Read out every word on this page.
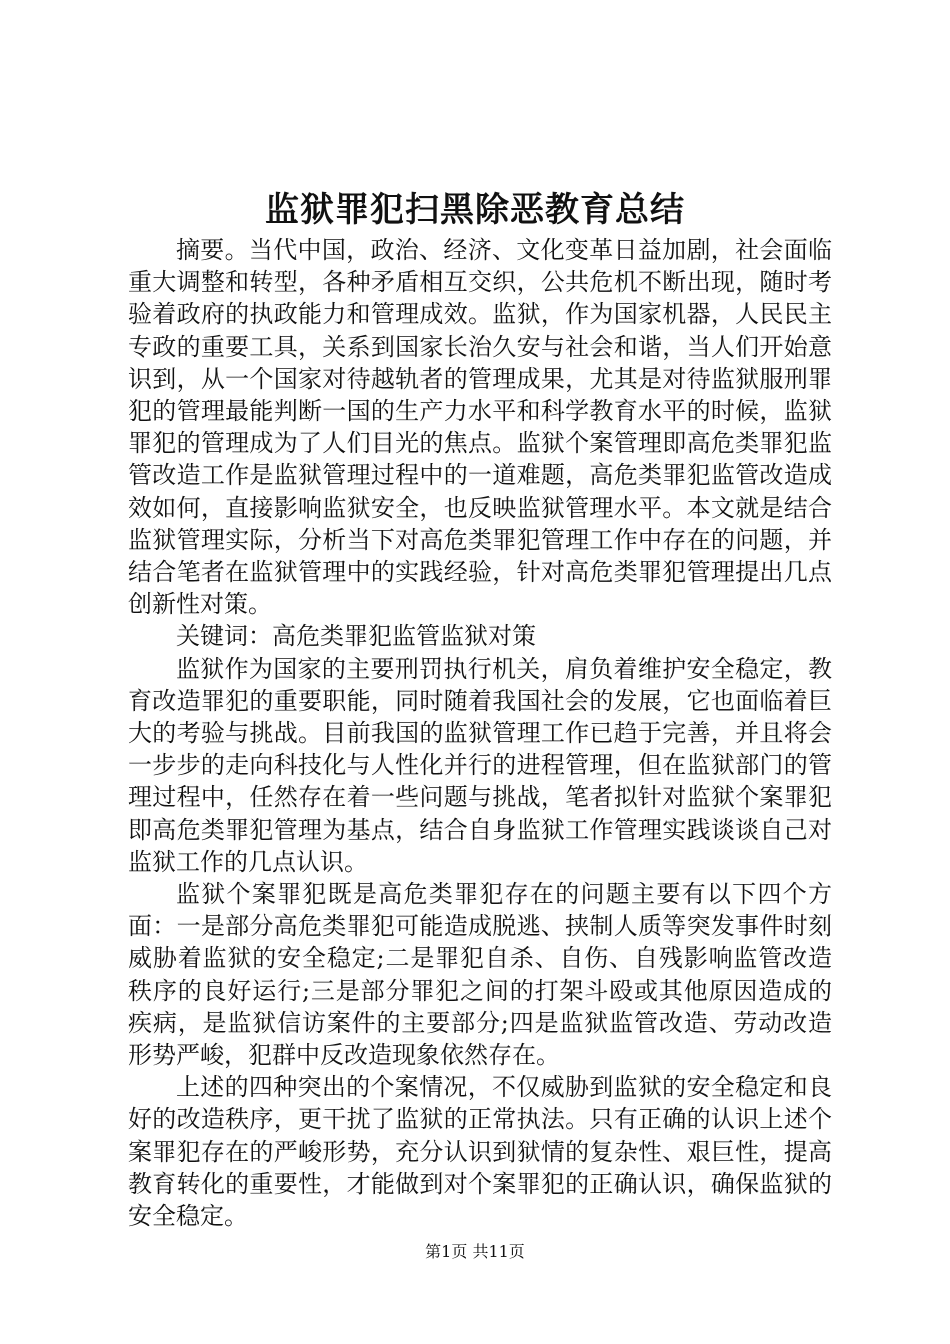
监狱罪犯扫黑除恶教育总结

摘要。当代中国，政治、经济、文化变革日益加剧，社会面临重大调整和转型，各种矛盾相互交织，公共危机不断出现，随时考验着政府的执政能力和管理成效。监狱，作为国家机器，人民民主专政的重要工具，关系到国家长治久安与社会和谐，当人们开始意识到，从一个国家对待越轨者的管理成果，尤其是对待监狱服刑罪犯的管理最能判断一国的生产力水平和科学教育水平的时候，监狱罪犯的管理成为了人们目光的焦点。监狱个案管理即高危类罪犯监管改造工作是监狱管理过程中的一道难题，高危类罪犯监管改造成效如何，直接影响监狱安全，也反映监狱管理水平。本文就是结合监狱管理实际，分析当下对高危类罪犯管理工作中存在的问题，并结合笔者在监狱管理中的实践经验，针对高危类罪犯管理提出几点创新性对策。

关键词：高危类罪犯监管监狱对策

监狱作为国家的主要刑罚执行机关，肩负着维护安全稳定，教育改造罪犯的重要职能，同时随着我国社会的发展，它也面临着巨大的考验与挑战。目前我国的监狱管理工作已趋于完善，并且将会一步步的走向科技化与人性化并行的进程管理，但在监狱部门的管理过程中，任然存在着一些问题与挑战，笔者拟针对监狱个案罪犯即高危类罪犯管理为基点，结合自身监狱工作管理实践谈谈自己对监狱工作的几点认识。

监狱个案罪犯既是高危类罪犯存在的问题主要有以下四个方面：一是部分高危类罪犯可能造成脱逃、挟制人质等突发事件时刻威胁着监狱的安全稳定;二是罪犯自杀、自伤、自残影响监管改造秩序的良好运行;三是部分罪犯之间的打架斗殴或其他原因造成的疾病，是监狱信访案件的主要部分;四是监狱监管改造、劳动改造形势严峻，犯群中反改造现象依然存在。

上述的四种突出的个案情况，不仅威胁到监狱的安全稳定和良好的改造秩序，更干扰了监狱的正常执法。只有正确的认识上述个案罪犯存在的严峻形势，充分认识到狱情的复杂性、艰巨性，提高教育转化的重要性，才能做到对个案罪犯的正确认识，确保监狱的安全稳定。

第1页 共11页
